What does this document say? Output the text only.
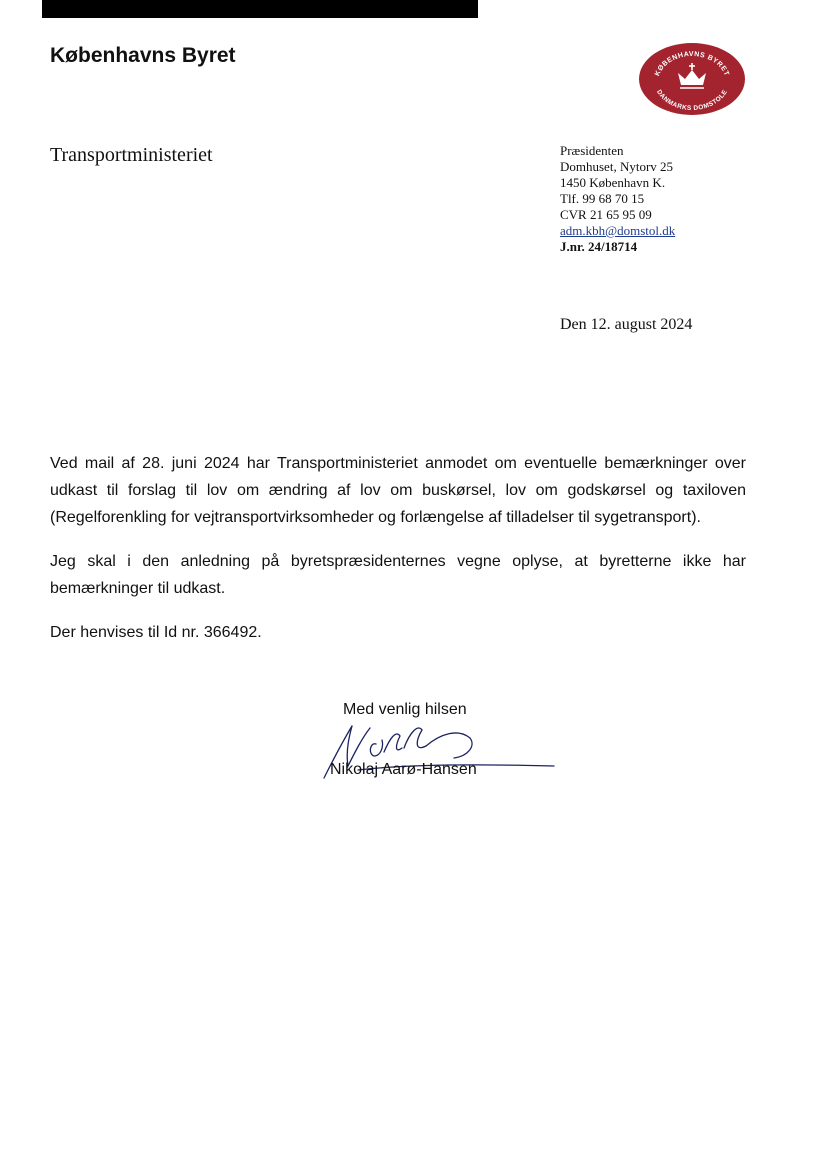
Københavns Byret
KØBENHAVNS BYRET
DANMARKS DOMSTOLE
Transportministeriet	Præsidenten
Domhuset, Nytorv 25
1450 København K.
Tlf. 99 68 70 15
CVR 21 65 95 09
adm.kbh@domstol.dk
J.nr. 24/18714
Den 12. august 2024

Ved mail af 28. juni 2024 har Transportministeriet anmodet om eventuelle bemærkninger over udkast til forslag til lov om ændring af lov om buskørsel, lov om godskørsel og taxiloven (Regelforenkling for vejtransportvirksomheder og forlængelse af tilladelser til sygetransport).

Jeg skal i den anledning på byretspræsidenternes vegne oplyse, at byretterne ikke har bemærkninger til udkast.

Der henvises til Id nr. 366492.

Med venlig hilsen
Nikolaj Aarø-Hansen
